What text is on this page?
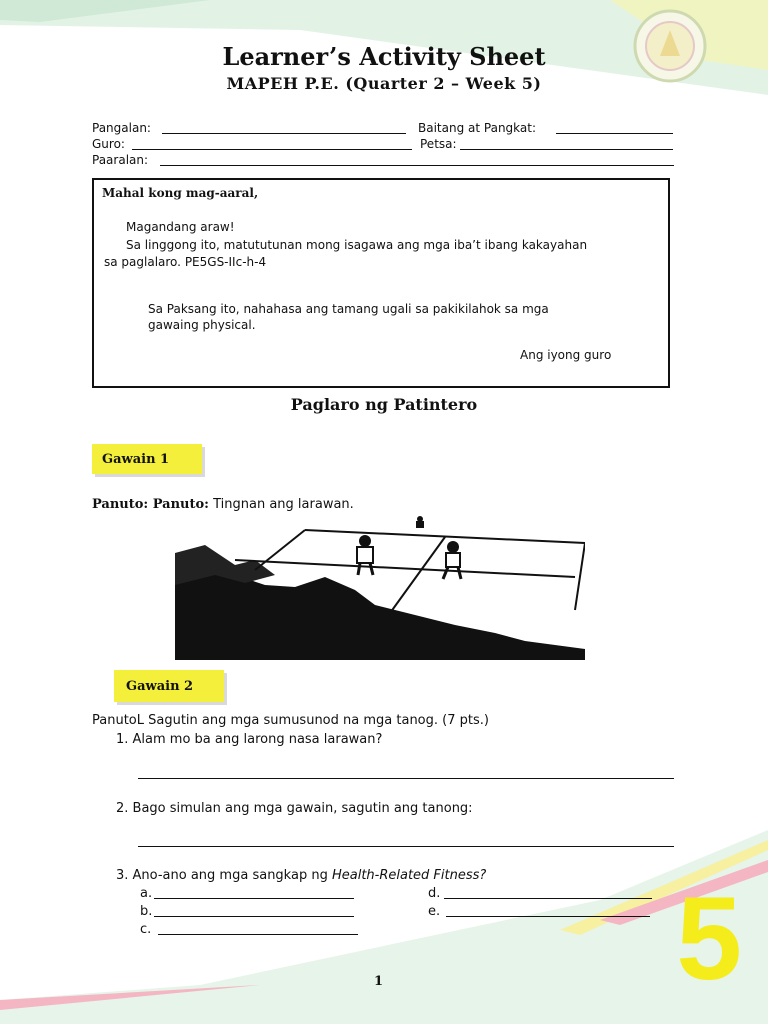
Learner’s Activity Sheet
MAPEH P.E. (Quarter 2 – Week 5)
Pangalan:	Baitang at Pangkat:
Guro:	Petsa:
Paaralan:
Mahal kong mag-aaral,
Magandang araw!
Sa linggong ito, matututunan mong isagawa ang mga iba’t ibang kakayahan
sa paglalaro. PE5GS-IIc-h-4
Sa Paksang ito, nahahasa ang tamang ugali sa pakikilahok sa mga
gawaing physical.
Ang iyong guro
Paglaro ng Patintero
Gawain 1
Panuto: Panuto: Tingnan ang larawan.
Gawain 2
PanutoL Sagutin ang mga sumusunod na mga tanog. (7 pts.)
1. Alam mo ba ang larong nasa larawan?
2. Bago simulan ang mga gawain, sagutin ang tanong:
3. Ano-ano ang mga sangkap ng Health-Related Fitness?
a.
b.
c.
d.
e.
1 5
